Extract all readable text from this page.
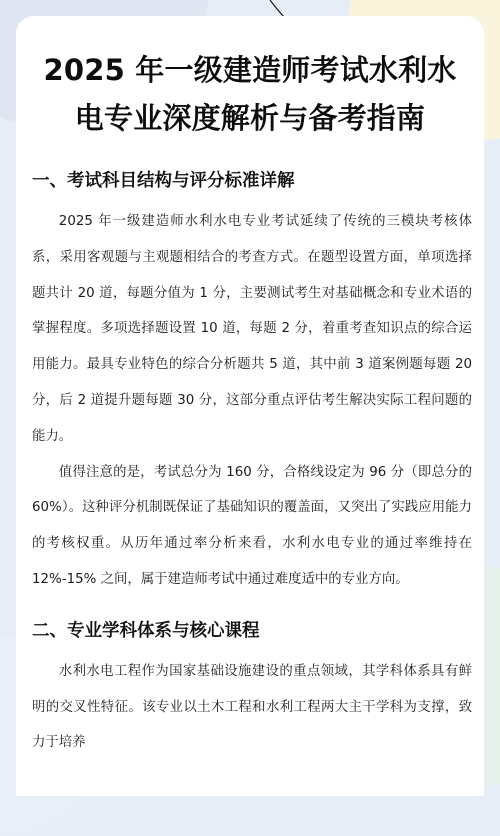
2025 年一级建造师考试水利水
电专业深度解析与备考指南
一、考试科目结构与评分标准详解
2025 年一级建造师水利水电专业考试延续了传统的三模块考核体系，采用客观题与主观题相结合的考查方式。在题型设置方面，单项选择题共计 20 道，每题分值为 1 分，主要测试考生对基础概念和专业术语的掌握程度。多项选择题设置 10 道，每题 2 分，着重考查知识点的综合运用能力。最具专业特色的综合分析题共 5 道，其中前 3 道案例题每题 20 分，后 2 道提升题每题 30 分，这部分重点评估考生解决实际工程问题的能力。
值得注意的是，考试总分为 160 分，合格线设定为 96 分（即总分的 60%）。这种评分机制既保证了基础知识的覆盖面，又突出了实践应用能力的考核权重。从历年通过率分析来看，水利水电专业的通过率维持在 12%-15% 之间，属于建造师考试中通过难度适中的专业方向。
二、专业学科体系与核心课程
水利水电工程作为国家基础设施建设的重点领域，其学科体系具有鲜明的交叉性特征。该专业以土木工程和水利工程两大主干学科为支撑，致力于培养
